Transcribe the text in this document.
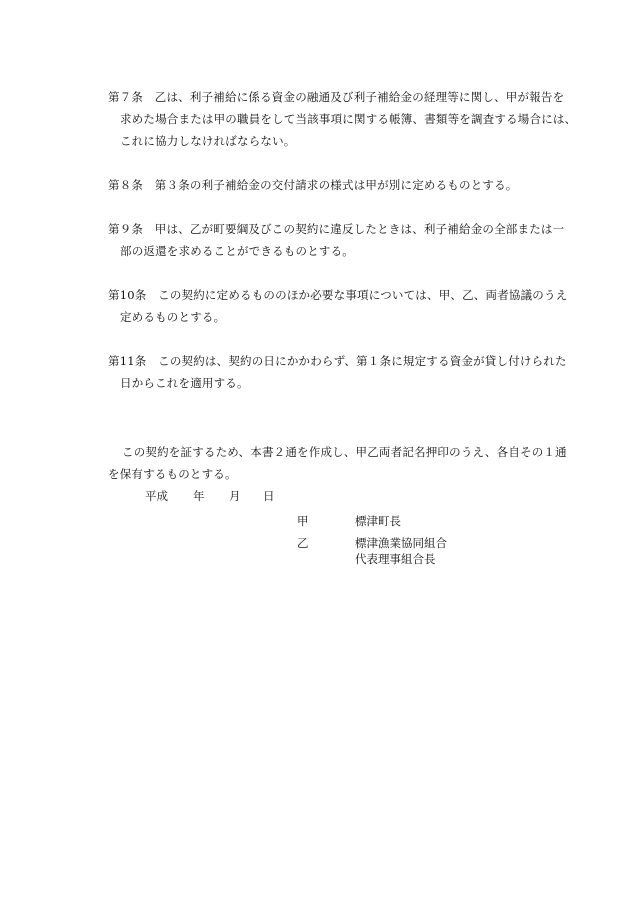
第７条　乙は、利子補給に係る資金の融通及び利子補給金の経理等に関し、甲が報告を
求めた場合または甲の職員をして当該事項に関する帳簿、書類等を調査する場合には、
これに協力しなければならない。
第８条　第３条の利子補給金の交付請求の様式は甲が別に定めるものとする。
第９条　甲は、乙が町要綱及びこの契約に違反したときは、利子補給金の全部または一
部の返還を求めることができるものとする。
第10条　この契約に定めるもののほか必要な事項については、甲、乙、両者協議のうえ
定めるものとする。
第11条　この契約は、契約の日にかかわらず、第１条に規定する資金が貸し付けられた
日からこれを適用する。
この契約を証するため、本書２通を作成し、甲乙両者記名押印のうえ、各自その１通
を保有するものとする。
平成 年 月 日
甲	標津町長
乙	標津漁業協同組合
代表理事組合長
